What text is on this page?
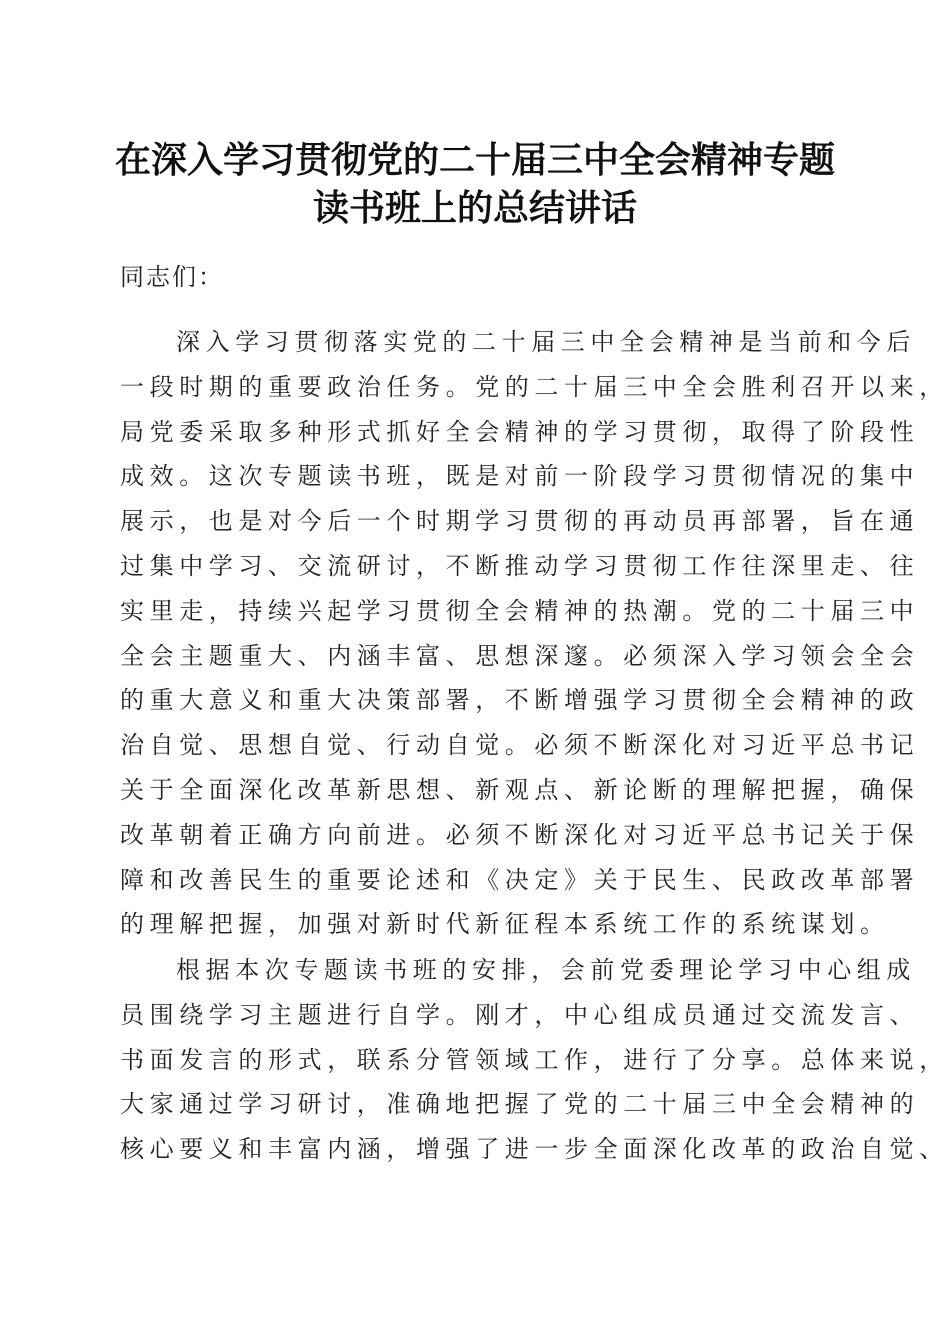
在深入学习贯彻党的二十届三中全会精神专题
读书班上的总结讲话
同志们：
深入学习贯彻落实党的二十届三中全会精神是当前和今后
一段时期的重要政治任务。党的二十届三中全会胜利召开以来，
局党委采取多种形式抓好全会精神的学习贯彻，取得了阶段性
成效。这次专题读书班，既是对前一阶段学习贯彻情况的集中
展示，也是对今后一个时期学习贯彻的再动员再部署，旨在通
过集中学习、交流研讨，不断推动学习贯彻工作往深里走、往
实里走，持续兴起学习贯彻全会精神的热潮。党的二十届三中
全会主题重大、内涵丰富、思想深邃。必须深入学习领会全会
的重大意义和重大决策部署，不断增强学习贯彻全会精神的政
治自觉、思想自觉、行动自觉。必须不断深化对习近平总书记
关于全面深化改革新思想、新观点、新论断的理解把握，确保
改革朝着正确方向前进。必须不断深化对习近平总书记关于保
障和改善民生的重要论述和《决定》关于民生、民政改革部署
的理解把握，加强对新时代新征程本系统工作的系统谋划。
根据本次专题读书班的安排，会前党委理论学习中心组成
员围绕学习主题进行自学。刚才，中心组成员通过交流发言、
书面发言的形式，联系分管领域工作，进行了分享。总体来说，
大家通过学习研讨，准确地把握了党的二十届三中全会精神的
核心要义和丰富内涵，增强了进一步全面深化改革的政治自觉、
